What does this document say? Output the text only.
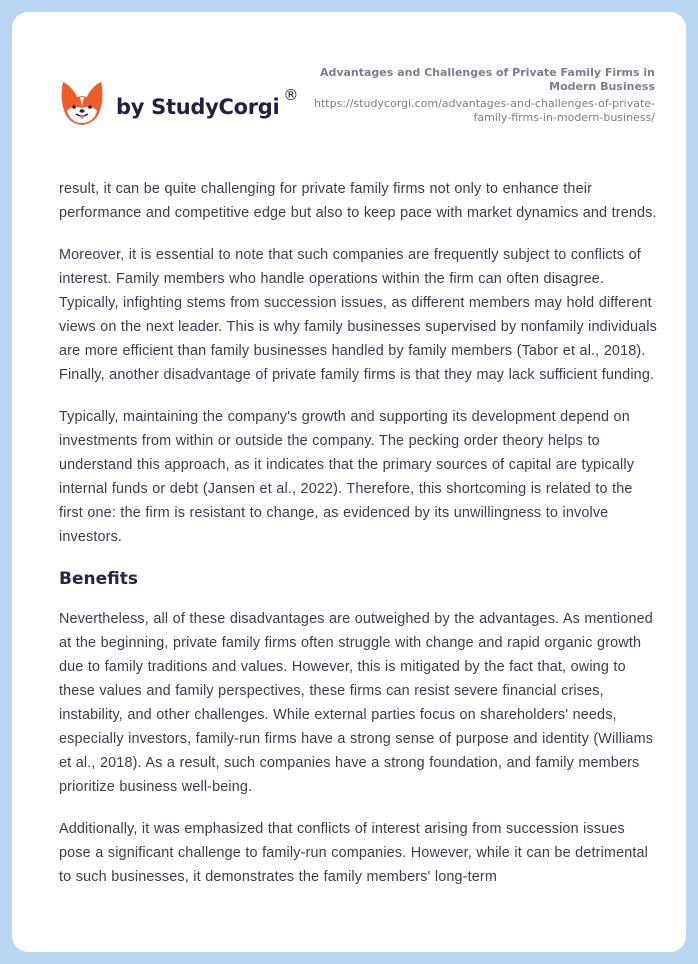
by StudyCorgi ®

Advantages and Challenges of Private Family Firms in Modern Business

https://studycorgi.com/advantages-and-challenges-of-private-family-firms-in-modern-business/

result, it can be quite challenging for private family firms not only to enhance their performance and competitive edge but also to keep pace with market dynamics and trends.

Moreover, it is essential to note that such companies are frequently subject to conflicts of interest. Family members who handle operations within the firm can often disagree. Typically, infighting stems from succession issues, as different members may hold different views on the next leader. This is why family businesses supervised by nonfamily individuals are more efficient than family businesses handled by family members (Tabor et al., 2018). Finally, another disadvantage of private family firms is that they may lack sufficient funding.

Typically, maintaining the company's growth and supporting its development depend on investments from within or outside the company. The pecking order theory helps to understand this approach, as it indicates that the primary sources of capital are typically internal funds or debt (Jansen et al., 2022). Therefore, this shortcoming is related to the first one: the firm is resistant to change, as evidenced by its unwillingness to involve investors.

Benefits

Nevertheless, all of these disadvantages are outweighed by the advantages. As mentioned at the beginning, private family firms often struggle with change and rapid organic growth due to family traditions and values. However, this is mitigated by the fact that, owing to these values and family perspectives, these firms can resist severe financial crises, instability, and other challenges. While external parties focus on shareholders' needs, especially investors, family-run firms have a strong sense of purpose and identity (Williams et al., 2018). As a result, such companies have a strong foundation, and family members prioritize business well-being.

Additionally, it was emphasized that conflicts of interest arising from succession issues pose a significant challenge to family-run companies. However, while it can be detrimental to such businesses, it demonstrates the family members' long-term
